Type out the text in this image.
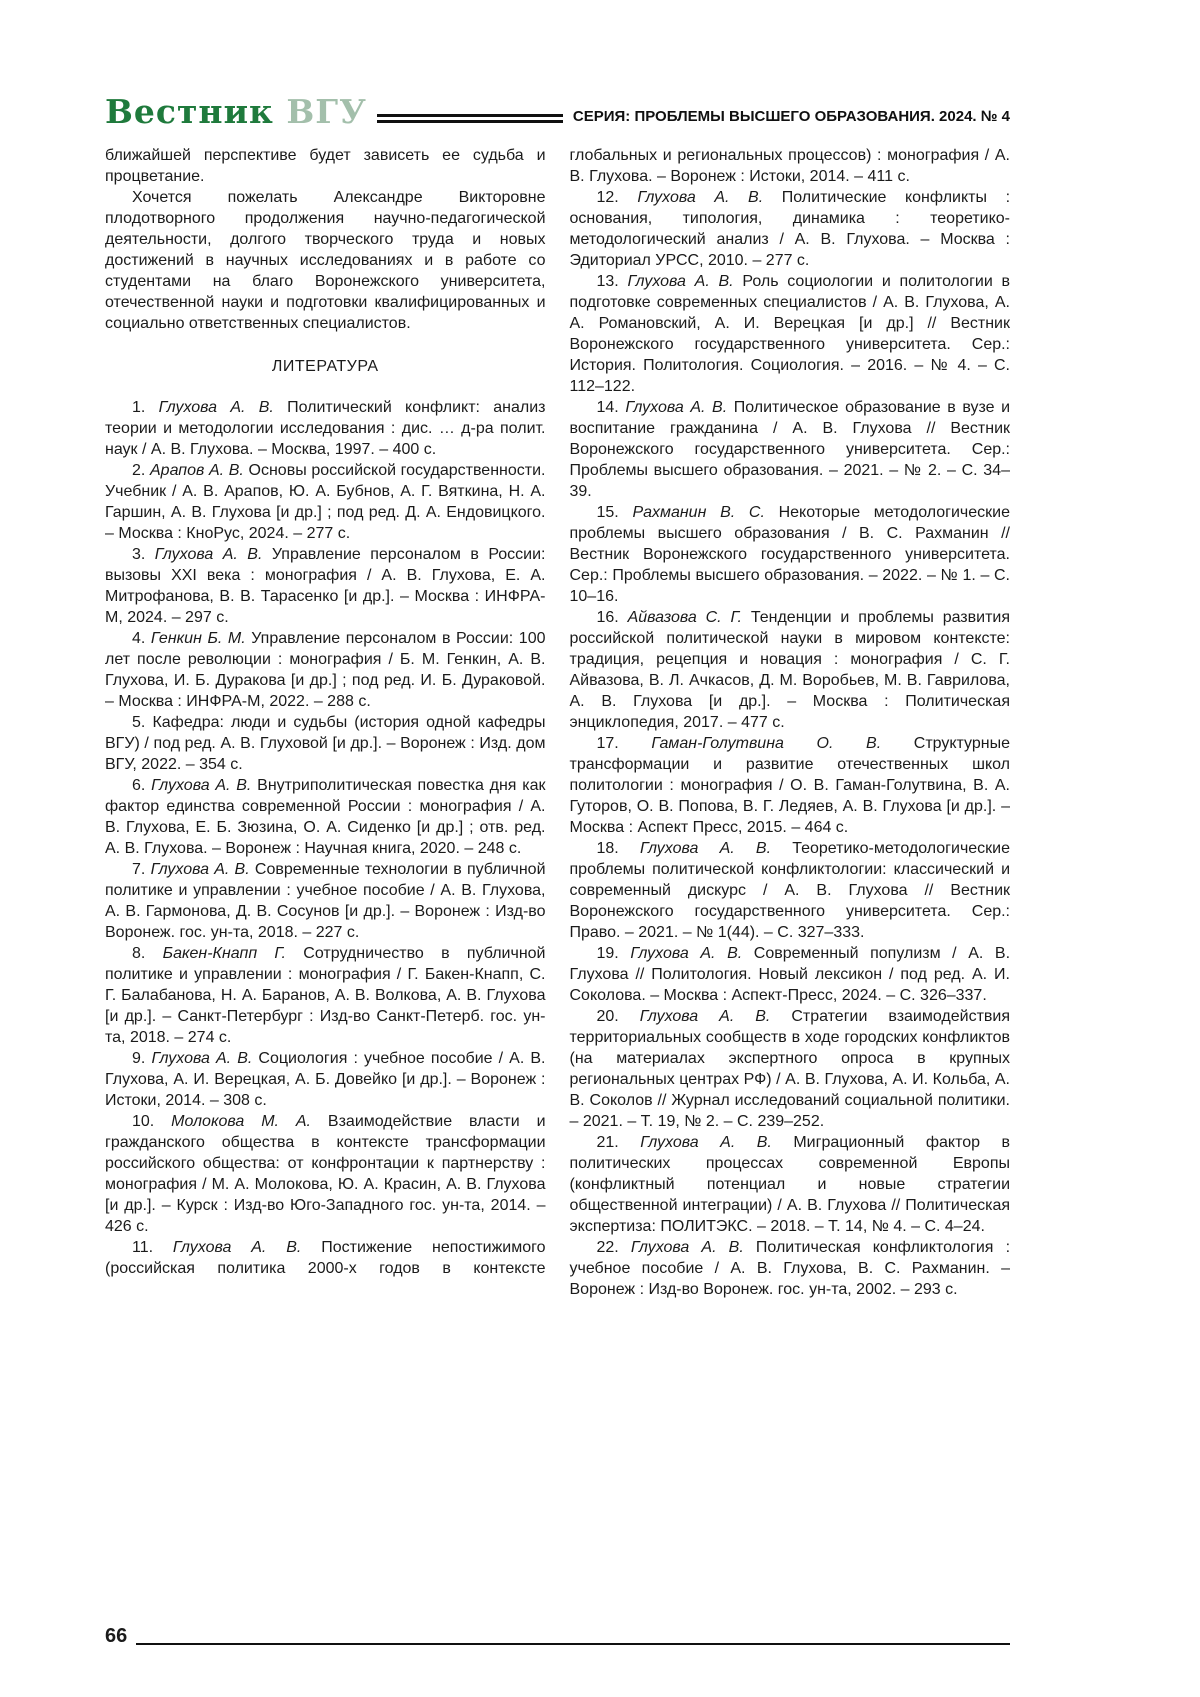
Вестник ВГУ	СЕРИЯ: ПРОБЛЕМЫ ВЫСШЕГО ОБРАЗОВАНИЯ. 2024. № 4

ближайшей перспективе будет зависеть ее судьба и процветание.

Хочется пожелать Александре Викторовне плодотворного продолжения научно-педагогической деятельности, долгого творческого труда и новых достижений в научных исследованиях и в работе со студентами на благо Воронежского университета, отечественной науки и подготовки квалифицированных и социально ответственных специалистов.

ЛИТЕРАТУРА

1. Глухова А. В. Политический конфликт: анализ теории и методологии исследования : дис. … д-ра полит. наук / А. В. Глухова. – Москва, 1997. – 400 с.

2. Арапов А. В. Основы российской государственности. Учебник / А. В. Арапов, Ю. А. Бубнов, А. Г. Вяткина, Н. А. Гаршин, А. В. Глухова [и др.] ; под ред. Д. А. Ендовицкого. – Москва : КноРус, 2024. – 277 с.

3. Глухова А. В. Управление персоналом в России: вызовы XXI века : монография / А. В. Глухова, Е. А. Митрофанова, В. В. Тарасенко [и др.]. – Москва : ИНФРА-М, 2024. – 297 с.

4. Генкин Б. М. Управление персоналом в России: 100 лет после революции : монография / Б. М. Генкин, А. В. Глухова, И. Б. Дуракова [и др.] ; под ред. И. Б. Дураковой. – Москва : ИНФРА-М, 2022. – 288 с.

5. Кафедра: люди и судьбы (история одной кафедры ВГУ) / под ред. А. В. Глуховой [и др.]. – Воронеж : Изд. дом ВГУ, 2022. – 354 с.

6. Глухова А. В. Внутриполитическая повестка дня как фактор единства современной России : монография / А. В. Глухова, Е. Б. Зюзина, О. А. Сиденко [и др.] ; отв. ред. А. В. Глухова. – Воронеж : Научная книга, 2020. – 248 с.

7. Глухова А. В. Современные технологии в публичной политике и управлении : учебное пособие / А. В. Глухова, А. В. Гармонова, Д. В. Сосунов [и др.]. – Воронеж : Изд-во Воронеж. гос. ун-та, 2018. – 227 с.

8. Бакен-Кнапп Г. Сотрудничество в публичной политике и управлении : монография / Г. Бакен-Кнапп, С. Г. Балабанова, Н. А. Баранов, А. В. Волкова, А. В. Глухова [и др.]. – Санкт-Петербург : Изд-во Санкт-Петерб. гос. ун-та, 2018. – 274 с.

9. Глухова А. В. Социология : учебное пособие / А. В. Глухова, А. И. Верецкая, А. Б. Довейко [и др.]. – Воронеж : Истоки, 2014. – 308 с.

10. Молокова М. А. Взаимодействие власти и гражданского общества в контексте трансформации российского общества: от конфронтации к партнерству : монография / М. А. Молокова, Ю. А. Красин, А. В. Глухова [и др.]. – Курск : Изд-во Юго-Западного гос. ун-та, 2014. – 426 с.

11. Глухова А. В. Постижение непостижимого (российская политика 2000-х годов в контексте глобальных и региональных процессов) : монография / А. В. Глухова. – Воронеж : Истоки, 2014. – 411 с.

12. Глухова А. В. Политические конфликты : основания, типология, динамика : теоретико-методологический анализ / А. В. Глухова. – Москва : Эдиториал УРСС, 2010. – 277 с.

13. Глухова А. В. Роль социологии и политологии в подготовке современных специалистов / А. В. Глухова, А. А. Романовский, А. И. Верецкая [и др.] // Вестник Воронежского государственного университета. Сер.: История. Политология. Социология. – 2016. – № 4. – С. 112–122.

14. Глухова А. В. Политическое образование в вузе и воспитание гражданина / А. В. Глухова // Вестник Воронежского государственного университета. Сер.: Проблемы высшего образования. – 2021. – № 2. – С. 34–39.

15. Рахманин В. С. Некоторые методологические проблемы высшего образования / В. С. Рахманин // Вестник Воронежского государственного университета. Сер.: Проблемы высшего образования. – 2022. – № 1. – С. 10–16.

16. Айвазова С. Г. Тенденции и проблемы развития российской политической науки в мировом контексте: традиция, рецепция и новация : монография / С. Г. Айвазова, В. Л. Ачкасов, Д. М. Воробьев, М. В. Гаврилова, А. В. Глухова [и др.]. – Москва : Политическая энциклопедия, 2017. – 477 с.

17. Гаман-Голутвина О. В. Структурные трансформации и развитие отечественных школ политологии : монография / О. В. Гаман-Голутвина, В. А. Гуторов, О. В. Попова, В. Г. Ледяев, А. В. Глухова [и др.]. – Москва : Аспект Пресс, 2015. – 464 с.

18. Глухова А. В. Теоретико-методологические проблемы политической конфликтологии: классический и современный дискурс / А. В. Глухова // Вестник Воронежского государственного университета. Сер.: Право. – 2021. – № 1(44). – С. 327–333.

19. Глухова А. В. Современный популизм / А. В. Глухова // Политология. Новый лексикон / под ред. А. И. Соколова. – Москва : Аспект-Пресс, 2024. – С. 326–337.

20. Глухова А. В. Стратегии взаимодействия территориальных сообществ в ходе городских конфликтов (на материалах экспертного опроса в крупных региональных центрах РФ) / А. В. Глухова, А. И. Кольба, А. В. Соколов // Журнал исследований социальной политики. – 2021. – Т. 19, № 2. – С. 239–252.

21. Глухова А. В. Миграционный фактор в политических процессах современной Европы (конфликтный потенциал и новые стратегии общественной интеграции) / А. В. Глухова // Политическая экспертиза: ПОЛИТЭКС. – 2018. – Т. 14, № 4. – С. 4–24.

22. Глухова А. В. Политическая конфликтология : учебное пособие / А. В. Глухова, В. С. Рахманин. – Воронеж : Изд-во Воронеж. гос. ун-та, 2002. – 293 с.

66
